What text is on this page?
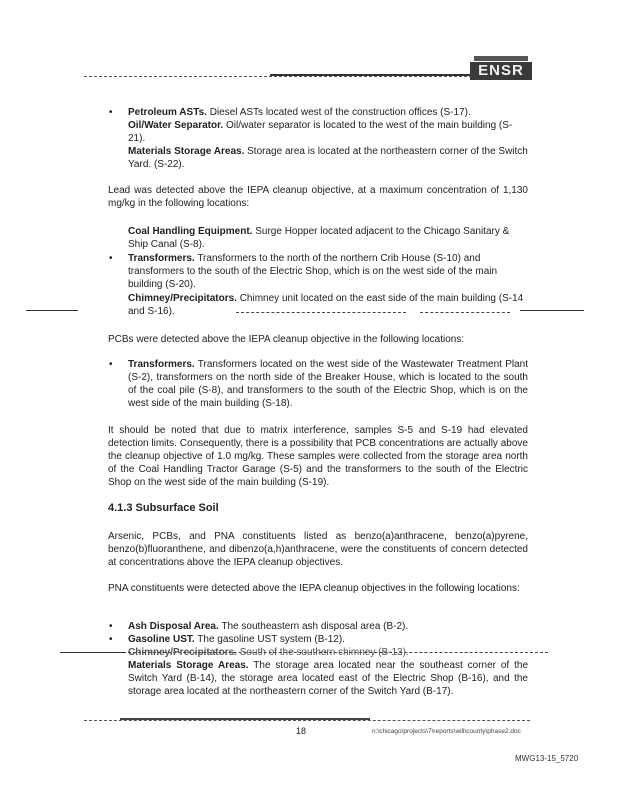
ENSR
• Petroleum ASTs. Diesel ASTs located west of the construction offices (S-17).
Oil/Water Separator. Oil/water separator is located to the west of the main building (S-21).
Materials Storage Areas. Storage area is located at the northeastern corner of the Switch Yard. (S-22).
Lead was detected above the IEPA cleanup objective, at a maximum concentration of 1,130 mg/kg in the following locations:
Coal Handling Equipment. Surge Hopper located adjacent to the Chicago Sanitary & Ship Canal (S-8).
• Transformers. Transformers to the north of the northern Crib House (S-10) and transformers to the south of the Electric Shop, which is on the west side of the main building (S-20).
Chimney/Precipitators. Chimney unit located on the east side of the main building (S-14 and S-16).
PCBs were detected above the IEPA cleanup objective in the following locations:
• Transformers. Transformers located on the west side of the Wastewater Treatment Plant (S-2), transformers on the north side of the Breaker House, which is located to the south of the coal pile (S-8), and transformers to the south of the Electric Shop, which is on the west side of the main building (S-18).
It should be noted that due to matrix interference, samples S-5 and S-19 had elevated detection limits. Consequently, there is a possibility that PCB concentrations are actually above the cleanup objective of 1.0 mg/kg. These samples were collected from the storage area north of the Coal Handling Tractor Garage (S-5) and the transformers to the south of the Electric Shop on the west side of the main building (S-19).
4.1.3 Subsurface Soil
Arsenic, PCBs, and PNA constituents listed as benzo(a)anthracene, benzo(a)pyrene, benzo(b)fluoranthene, and dibenzo(a,h)anthracene, were the constituents of concern detected at concentrations above the IEPA cleanup objectives.
PNA constituents were detected above the IEPA cleanup objectives in the following locations:
• Ash Disposal Area. The southeastern ash disposal area (B-2).
• Gasoline UST. The gasoline UST system (B-12).
Chimney/Precipitators. South of the southern chimney (B-13).
Materials Storage Areas. The storage area located near the southeast corner of the Switch Yard (B-14), the storage area located east of the Electric Shop (B-16), and the storage area located at the northeastern corner of the Switch Yard (B-17).
18	n:\chicago\projects\7\reports\will\county\phase2.doc
MWG13-15_5720
